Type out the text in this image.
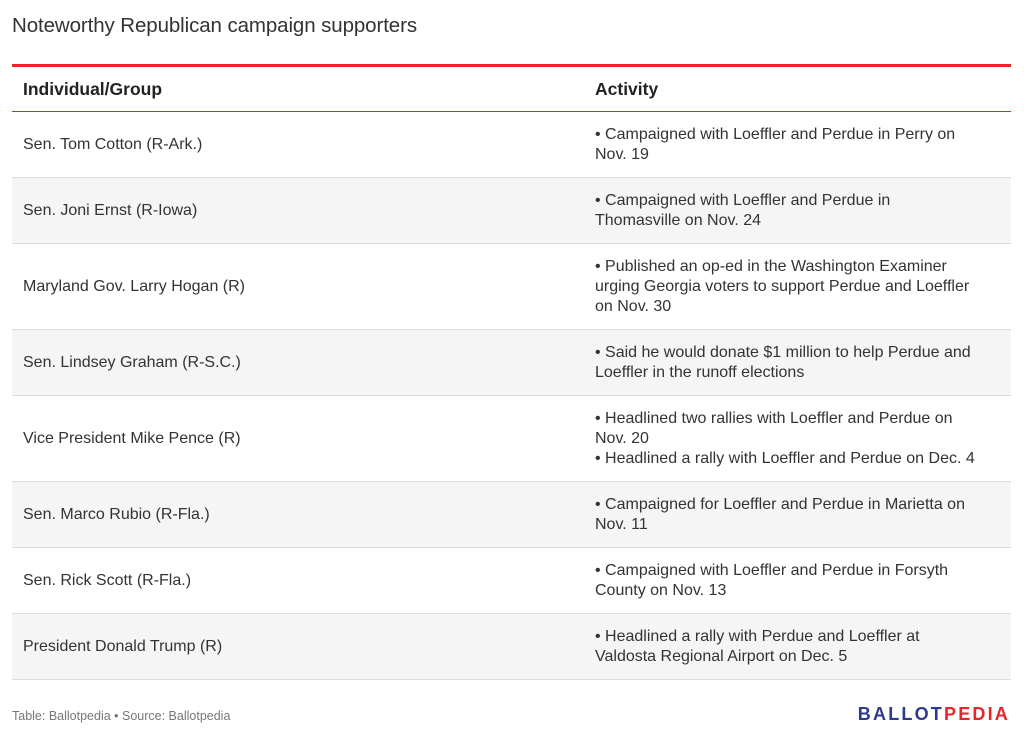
Noteworthy Republican campaign supporters
Individual/Group	Activity
Sen. Tom Cotton (R-Ark.)
• Campaigned with Loeffler and Perdue in Perry on
Nov. 19
Sen. Joni Ernst (R-Iowa)
• Campaigned with Loeffler and Perdue in
Thomasville on Nov. 24
Maryland Gov. Larry Hogan (R)
• Published an op-ed in the Washington Examiner
urging Georgia voters to support Perdue and Loeffler
on Nov. 30
Sen. Lindsey Graham (R-S.C.)
• Said he would donate $1 million to help Perdue and
Loeffler in the runoff elections
Vice President Mike Pence (R)
• Headlined two rallies with Loeffler and Perdue on
Nov. 20
• Headlined a rally with Loeffler and Perdue on Dec. 4
Sen. Marco Rubio (R-Fla.)
• Campaigned for Loeffler and Perdue in Marietta on
Nov. 11
Sen. Rick Scott (R-Fla.)
• Campaigned with Loeffler and Perdue in Forsyth
County on Nov. 13
President Donald Trump (R)
• Headlined a rally with Perdue and Loeffler at
Valdosta Regional Airport on Dec. 5
Table: Ballotpedia • Source: Ballotpedia	BALLOTPEDIA
